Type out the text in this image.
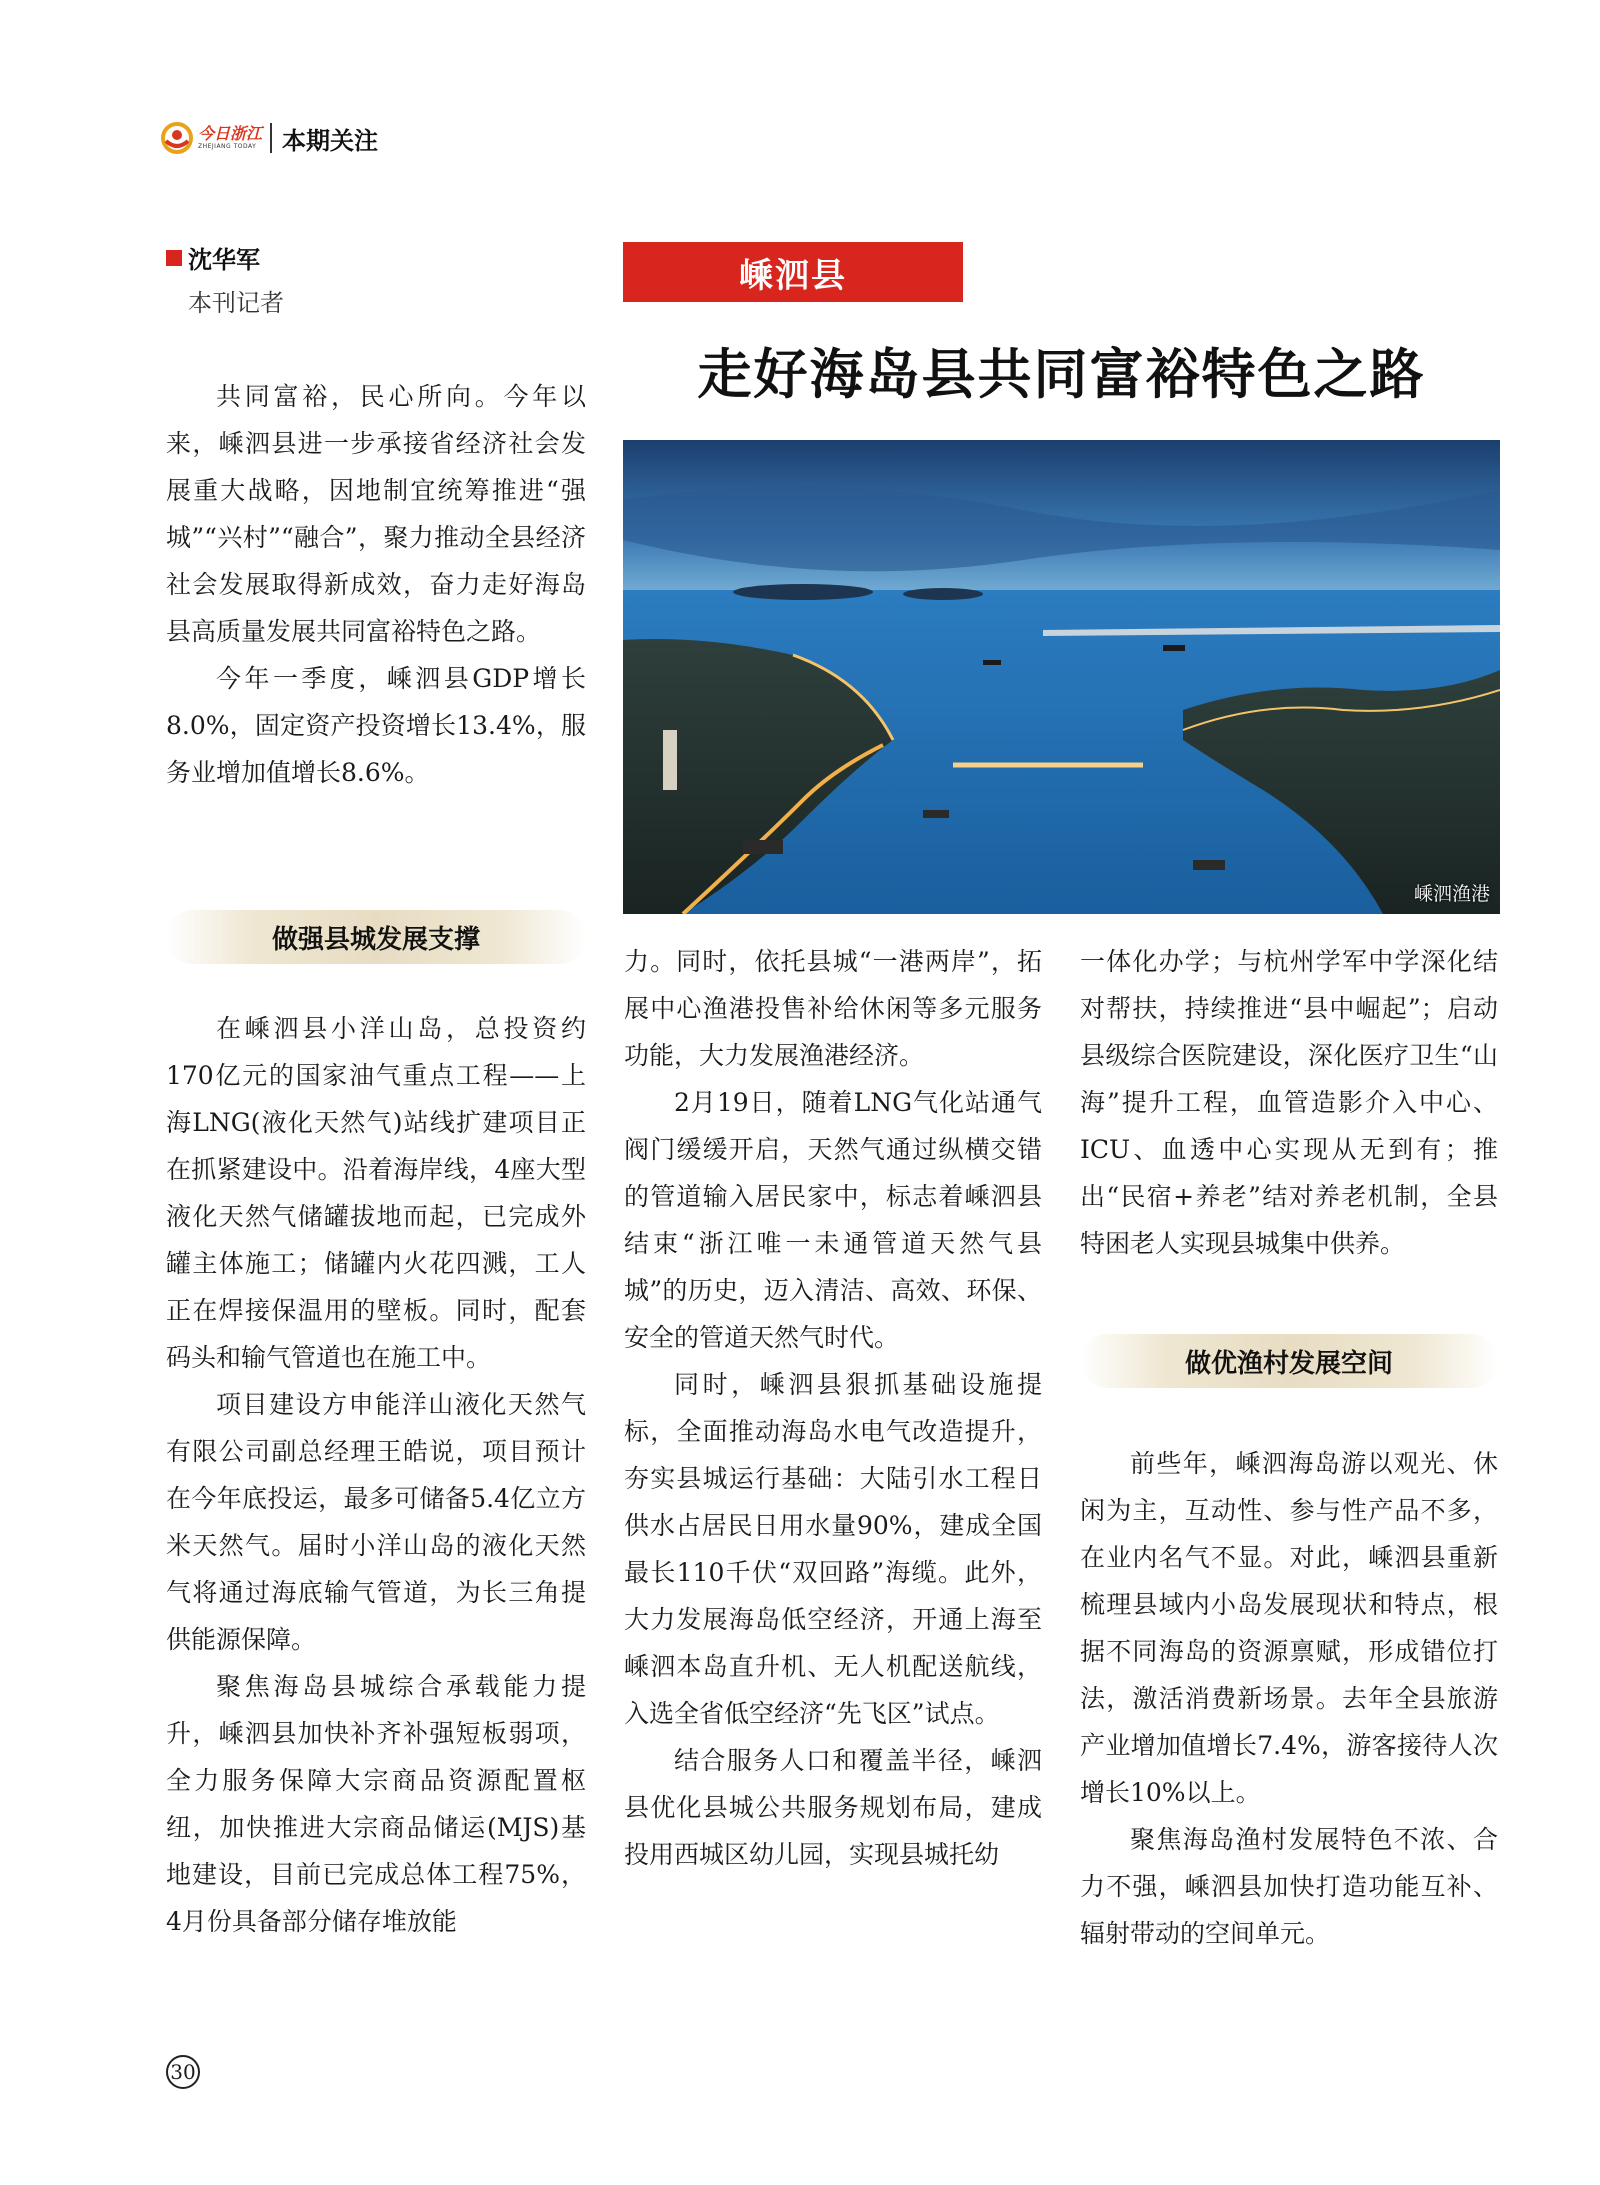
今日浙江
ZHEJIANG TODAY 本期关注
沈华军
本刊记者

共同富裕，民心所向。今年以来，嵊泗县进一步承接省经济社会发展重大战略，因地制宜统筹推进“强城”“兴村”“融合”，聚力推动全县经济社会发展取得新成效，奋力走好海岛县高质量发展共同富裕特色之路。

今年一季度，嵊泗县GDP增长8.0%，固定资产投资增长13.4%，服务业增加值增长8.6%。

做强县城发展支撑

在嵊泗县小洋山岛，总投资约170亿元的国家油气重点工程——上海LNG(液化天然气)站线扩建项目正在抓紧建设中。沿着海岸线，4座大型液化天然气储罐拔地而起，已完成外罐主体施工；储罐内火花四溅，工人正在焊接保温用的壁板。同时，配套码头和输气管道也在施工中。

项目建设方申能洋山液化天然气有限公司副总经理王皓说，项目预计在今年底投运，最多可储备5.4亿立方米天然气。届时小洋山岛的液化天然气将通过海底输气管道，为长三角提供能源保障。

聚焦海岛县城综合承载能力提升，嵊泗县加快补齐补强短板弱项，全力服务保障大宗商品资源配置枢纽，加快推进大宗商品储运(MJS)基地建设，目前已完成总体工程75%，4月份具备部分储存堆放能

嵊泗县
走好海岛县共同富裕特色之路
嵊泗渔港

力。同时，依托县城“一港两岸”，拓展中心渔港投售补给休闲等多元服务功能，大力发展渔港经济。

2月19日，随着LNG气化站通气阀门缓缓开启，天然气通过纵横交错的管道输入居民家中，标志着嵊泗县结束“浙江唯一未通管道天然气县城”的历史，迈入清洁、高效、环保、安全的管道天然气时代。

同时，嵊泗县狠抓基础设施提标，全面推动海岛水电气改造提升，夯实县城运行基础：大陆引水工程日供水占居民日用水量90%，建成全国最长110千伏“双回路”海缆。此外，大力发展海岛低空经济，开通上海至嵊泗本岛直升机、无人机配送航线，入选全省低空经济“先飞区”试点。

结合服务人口和覆盖半径，嵊泗县优化县城公共服务规划布局，建成投用西城区幼儿园，实现县城托幼

一体化办学；与杭州学军中学深化结对帮扶，持续推进“县中崛起”；启动县级综合医院建设，深化医疗卫生“山海”提升工程，血管造影介入中心、ICU、血透中心实现从无到有；推出“民宿+养老”结对养老机制，全县特困老人实现县城集中供养。

做优渔村发展空间

前些年，嵊泗海岛游以观光、休闲为主，互动性、参与性产品不多，在业内名气不显。对此，嵊泗县重新梳理县域内小岛发展现状和特点，根据不同海岛的资源禀赋，形成错位打法，激活消费新场景。去年全县旅游产业增加值增长7.4%，游客接待人次增长10%以上。

聚焦海岛渔村发展特色不浓、合力不强，嵊泗县加快打造功能互补、辐射带动的空间单元。

30
